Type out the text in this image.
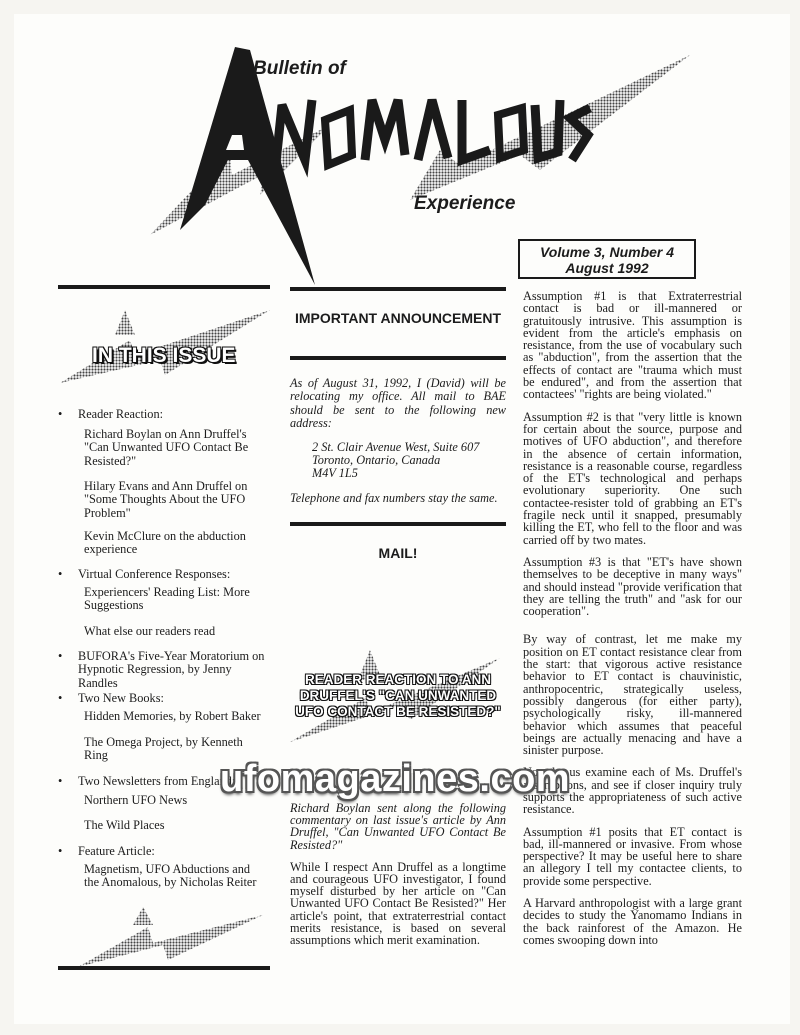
Bulletin of
Experience
Volume 3, Number 4
August 1992
IN THIS ISSUE
• Reader Reaction:
Richard Boylan on Ann Druffel's "Can Unwanted UFO Contact Be Resisted?"
Hilary Evans and Ann Druffel on "Some Thoughts About the UFO Problem"
Kevin McClure on the abduction experience
• Virtual Conference Responses:
Experiencers' Reading List: More Suggestions
What else our readers read
• BUFORA's Five-Year Moratorium on Hypnotic Regression, by Jenny Randles
• Two New Books:
Hidden Memories, by Robert Baker
The Omega Project, by Kenneth Ring
• Two Newsletters from England:
Northern UFO News
The Wild Places
• Feature Article:
Magnetism, UFO Abductions and the Anomalous, by Nicholas Reiter
IMPORTANT ANNOUNCEMENT

As of August 31, 1992, I (David) will be relocating my office. All mail to BAE should be sent to the following new address:

2 St. Clair Avenue West, Suite 607
Toronto, Ontario, Canada
M4V 1L5
Telephone and fax numbers stay the same.
MAIL!
READER REACTION TO ANN DRUFFEL'S "CAN UNWANTED UFO CONTACT BE RESISTED?"

Richard Boylan sent along the following commentary on last issue's article by Ann Druffel, "Can Unwanted UFO Contact Be Resisted?"

While I respect Ann Druffel as a longtime and courageous UFO investigator, I found myself disturbed by her article on "Can Unwanted UFO Contact Be Resisted?" Her article's point, that extraterrestrial contact merits resistance, is based on several assumptions which merit examination.

Assumption #1 is that Extraterrestrial contact is bad or ill-mannered or gratuitously intrusive. This assumption is evident from the article's emphasis on resistance, from the use of vocabulary such as "abduction", from the assertion that the effects of contact are "trauma which must be endured", and from the assertion that contactees' "rights are being violated."

Assumption #2 is that "very little is known for certain about the source, purpose and motives of UFO abduction", and therefore in the absence of certain information, resistance is a reasonable course, regardless of the ET's technological and perhaps evolutionary superiority. One such contactee-resister told of grabbing an ET's fragile neck until it snapped, presumably killing the ET, who fell to the floor and was carried off by two mates.

Assumption #3 is that "ET's have shown themselves to be deceptive in many ways" and should instead "provide verification that they are telling the truth" and "ask for our cooperation".

By way of contrast, let me make my position on ET contact resistance clear from the start: that vigorous active resistance behavior to ET contact is chauvinistic, anthropocentric, strategically useless, possibly dangerous (for either party), psychologically risky, ill-mannered behavior which assumes that peaceful beings are actually menacing and have a sinister purpose.

Now let us examine each of Ms. Druffel's assumptions, and see if closer inquiry truly supports the appropriateness of such active resistance.

Assumption #1 posits that ET contact is bad, ill-mannered or invasive. From whose perspective? It may be useful here to share an allegory I tell my contactee clients, to provide some perspective.

A Harvard anthropologist with a large grant decides to study the Yanomamo Indians in the back rainforest of the Amazon. He comes swooping down into

ufomagazines.com
